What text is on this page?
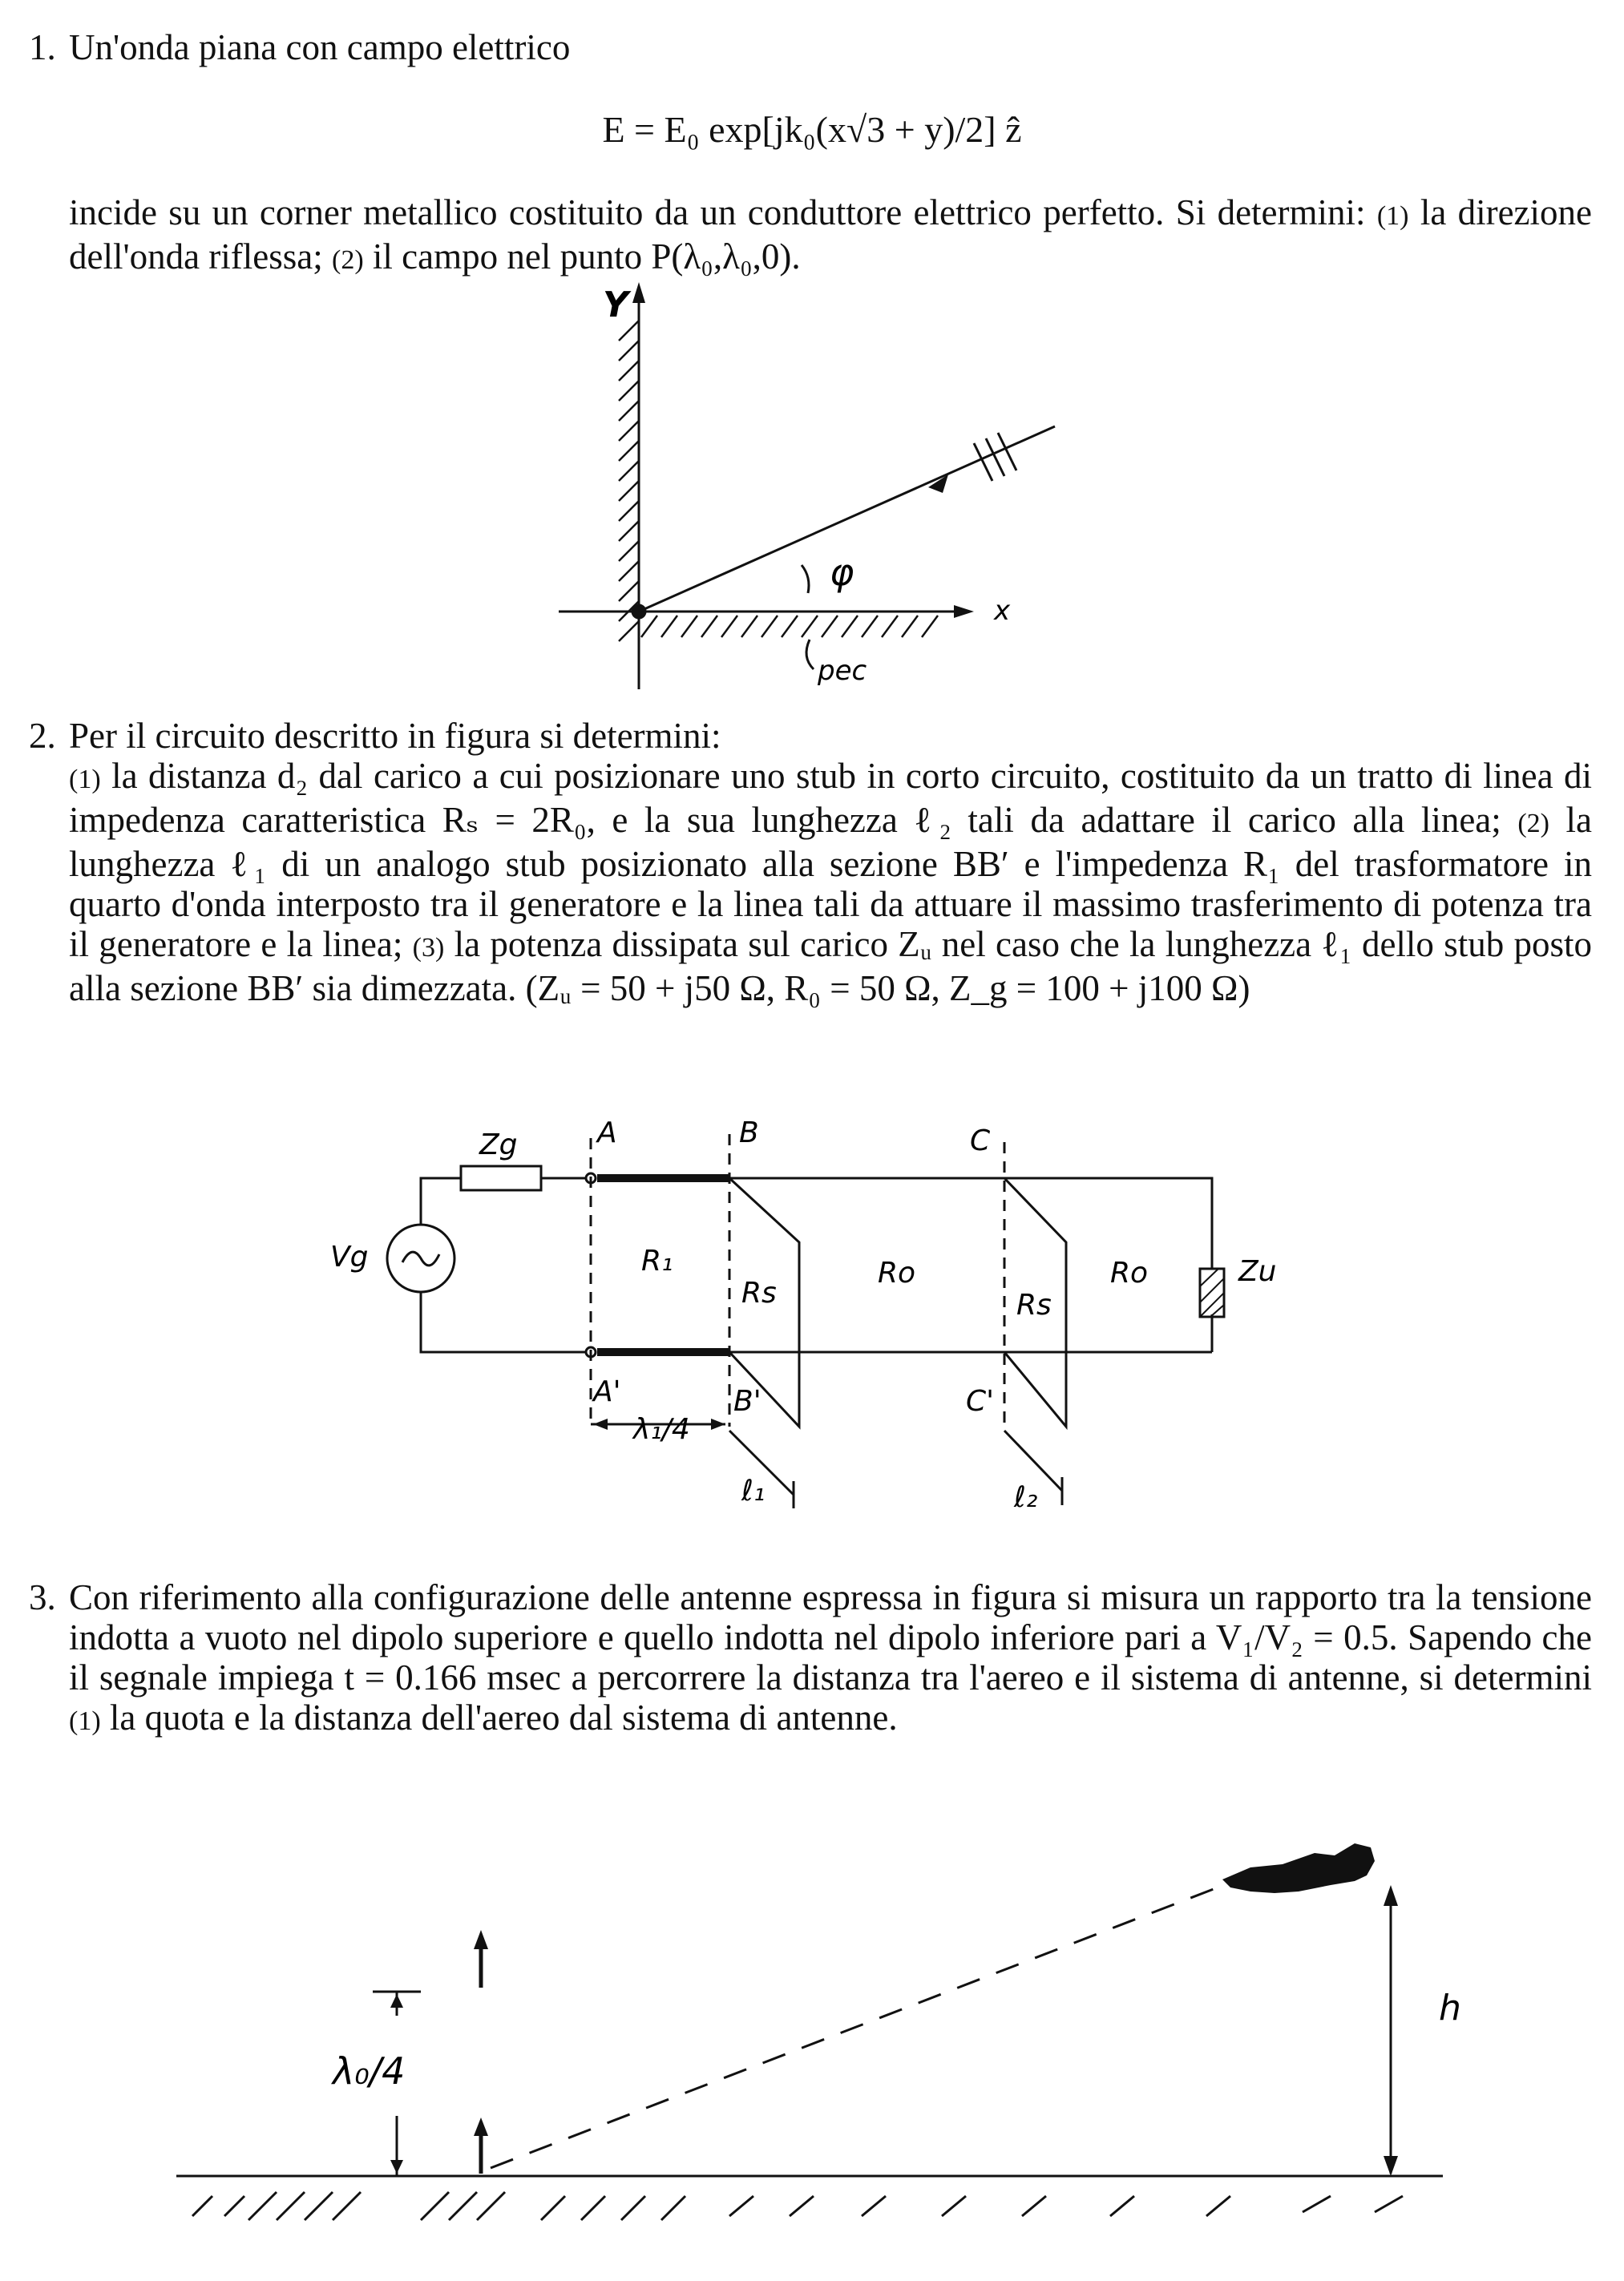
1. Un'onda piana con campo elettrico
E = E₀ exp[jk₀(x√3 + y)/2] ẑ
incide su un corner metallico costituito da un conduttore elettrico perfetto. Si determini: (1) la direzione dell'onda riflessa; (2) il campo nel punto P(λ₀,λ₀,0).
Y
x
φ
pec
2. Per il circuito descritto in figura si determini:
(1) la distanza d₂ dal carico a cui posizionare uno stub in corto circuito, costituito da un tratto di linea di impedenza caratteristica Rₛ = 2R₀, e la sua lunghezza ℓ₂ tali da adattare il carico alla linea; (2) la lunghezza ℓ₁ di un analogo stub posizionato alla sezione BB′ e l'impedenza R₁ del trasformatore in quarto d'onda interposto tra il generatore e la linea tali da attuare il massimo trasferimento di potenza tra il generatore e la linea; (3) la potenza dissipata sul carico Zᵤ nel caso che la lunghezza ℓ₁ dello stub posto alla sezione BB′ sia dimezzata. (Zᵤ = 50 + j50 Ω, R₀ = 50 Ω, Z_g = 100 + j100 Ω)
Zg
Vg
A
A'
B
B'
C
C'
R₁
Rs
Ro
Rs
Ro	Zu
λ₁/4
ℓ₁	ℓ₂
3. Con riferimento alla configurazione delle antenne espressa in figura si misura un rapporto tra la tensione indotta a vuoto nel dipolo superiore e quello indotta nel dipolo inferiore pari a V₁/V₂ = 0.5. Sapendo che il segnale impiega t = 0.166 msec a percorrere la distanza tra l'aereo e il sistema di antenne, si determini (1) la quota e la distanza dell'aereo dal sistema di antenne.
λ₀/4
h
